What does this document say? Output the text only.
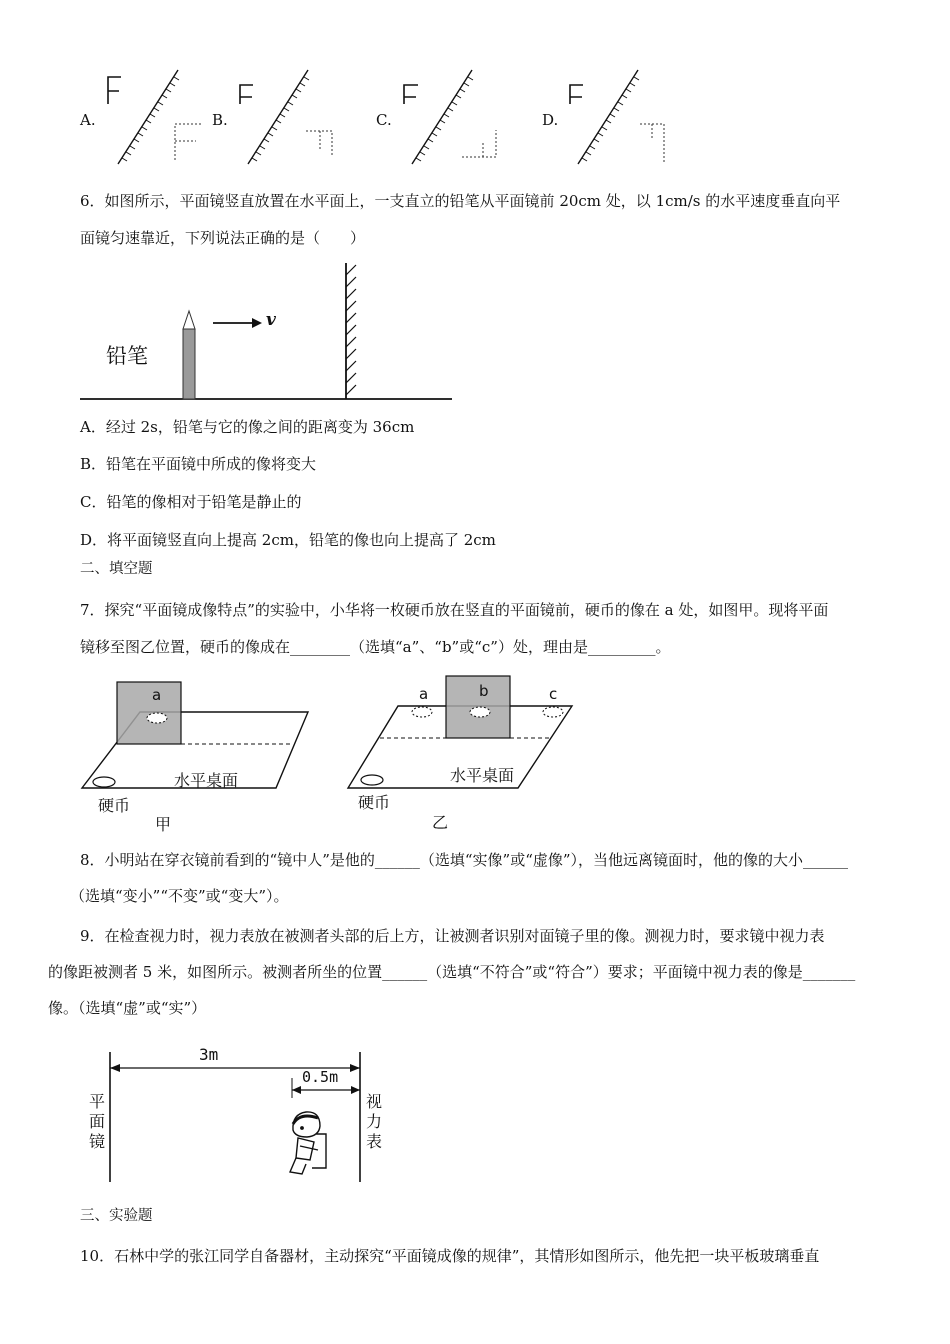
A.	B.	C.	D.
6．如图所示，平面镜竖直放置在水平面上，一支直立的铅笔从平面镜前 20cm 处，以 1cm/s 的水平速度垂直向平
面镜匀速靠近，下列说法正确的是（　　）
铅笔
v
A．经过 2s，铅笔与它的像之间的距离变为 36cm
B．铅笔在平面镜中所成的像将变大
C．铅笔的像相对于铅笔是静止的
D．将平面镜竖直向上提高 2cm，铅笔的像也向上提高了 2cm
二、填空题
7．探究“平面镜成像特点”的实验中，小华将一枚硬币放在竖直的平面镜前，硬币的像在 a 处，如图甲。现将平面
镜移至图乙位置，硬币的像成在________（选填“a”、“b”或“c”）处，理由是_________。
a
水平桌面
硬币
甲
a	b	c
水平桌面
硬币
乙
8．小明站在穿衣镜前看到的“镜中人”是他的______（选填“实像”或“虚像”），当他远离镜面时，他的像的大小______
（选填“变小”“不变”或“变大”）。
9．在检查视力时，视力表放在被测者头部的后上方，让被测者识别对面镜子里的像。测视力时，要求镜中视力表
的像距被测者 5 米，如图所示。被测者所坐的位置______（选填“不符合”或“符合”）要求；平面镜中视力表的像是_______
像。（选填“虚”或“实”）
3m
0.5m
平
面
镜
视
力
表
三、实验题
10．石林中学的张江同学自备器材，主动探究“平面镜成像的规律”，其情形如图所示，他先把一块平板玻璃垂直
